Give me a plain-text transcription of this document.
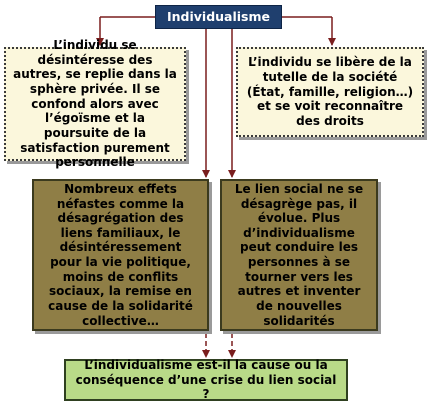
Individualisme
L’individu se désintéresse des autres, se replie dans la sphère privée. Il se confond alors avec l’égoïsme et la poursuite de la satisfaction purement personnelle
L’individu se libère de la tutelle de la société (État, famille, religion…) et se voit reconnaître des droits
Nombreux effets néfastes comme la désagrégation des liens familiaux, le désintéressement pour la vie politique, moins de conflits sociaux, la remise en cause de la solidarité collective…
Le lien social ne se désagrège pas, il évolue. Plus d’individualisme peut conduire les personnes à se tourner vers les autres et inventer de nouvelles solidarités
L’individualisme est-il la cause ou la conséquence d’une crise du lien social ?
